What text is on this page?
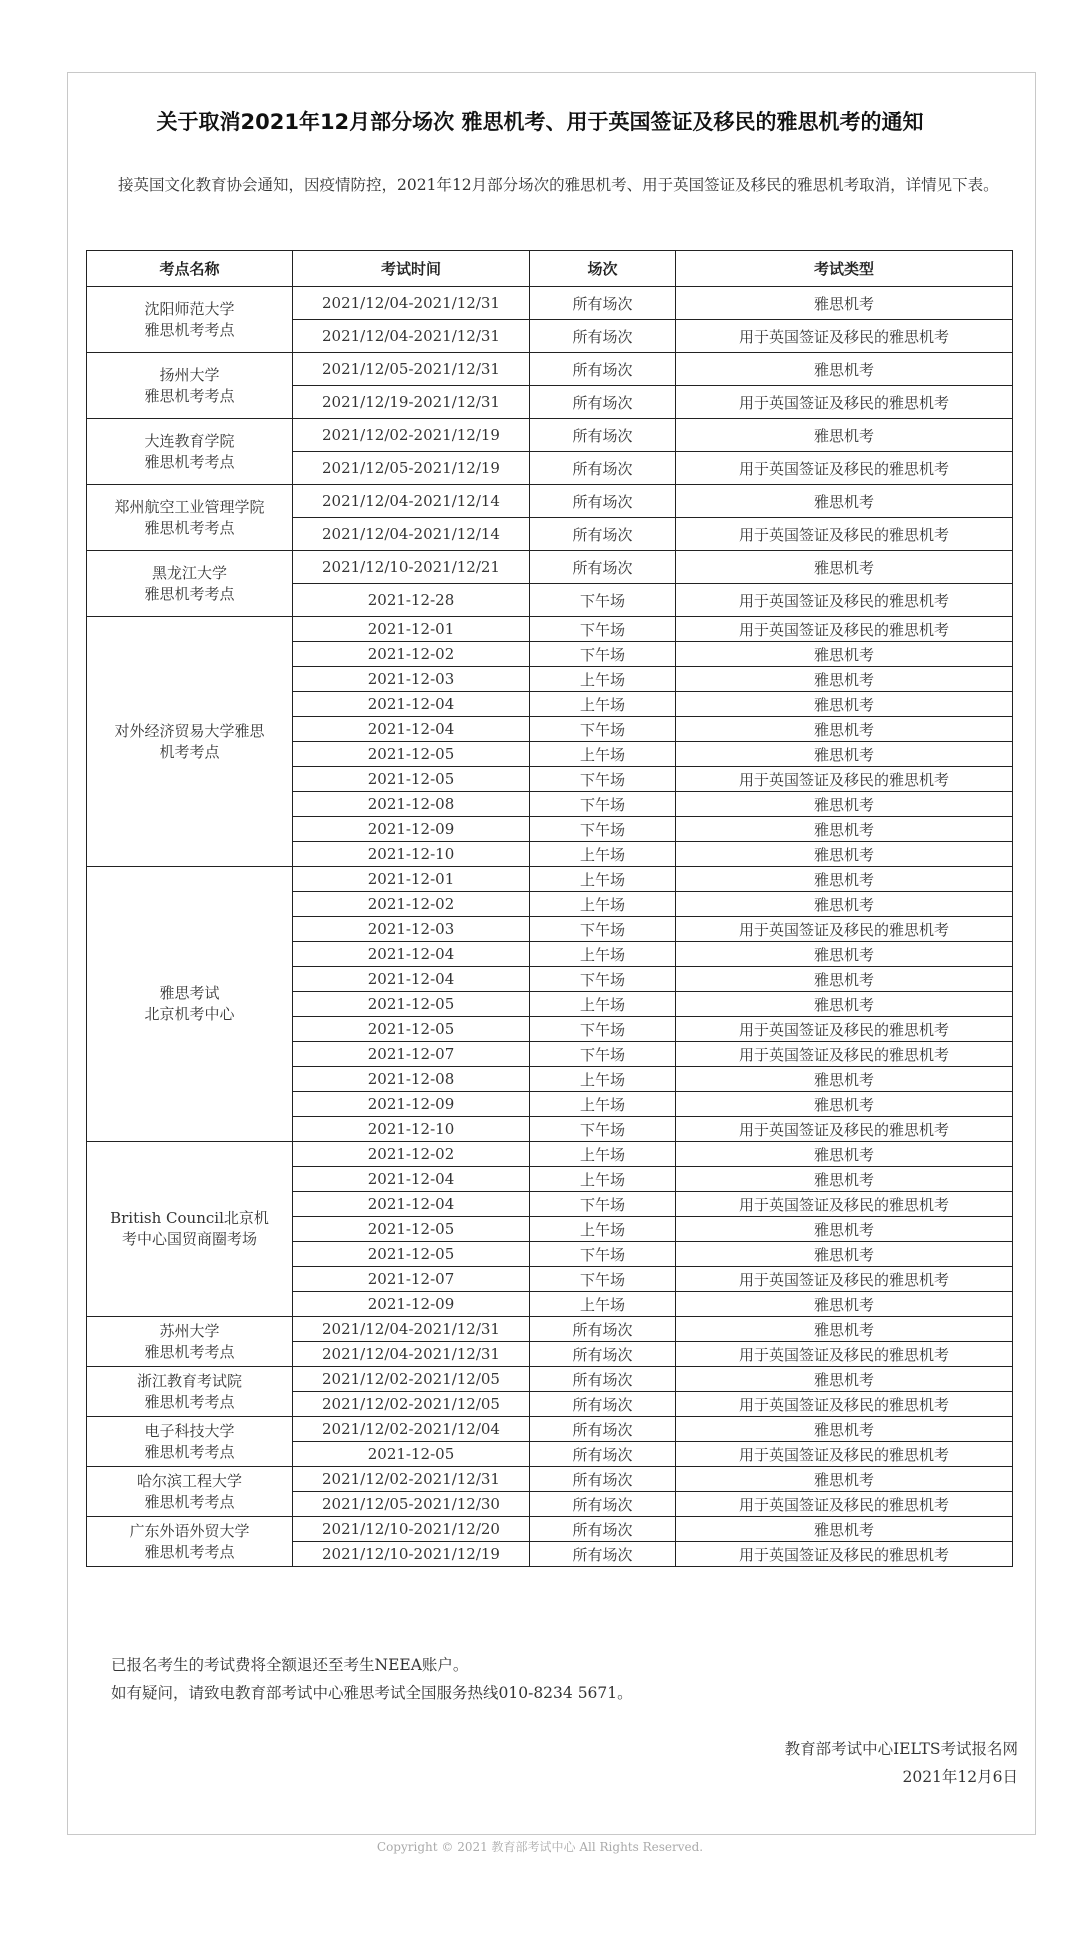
关于取消2021年12月部分场次 雅思机考、用于英国签证及移民的雅思机考的通知
接英国文化教育协会通知，因疫情防控，2021年12月部分场次的雅思机考、用于英国签证及移民的雅思机考取消，详情见下表。
考点名称	考试时间	场次	考试类型

沈阳师范大学
雅思机考考点	2021/12/04-2021/12/31	所有场次	雅思机考
	2021/12/04-2021/12/31	所有场次	用于英国签证及移民的雅思机考

扬州大学
雅思机考考点	2021/12/05-2021/12/31	所有场次	雅思机考
	2021/12/19-2021/12/31	所有场次	用于英国签证及移民的雅思机考

大连教育学院
雅思机考考点	2021/12/02-2021/12/19	所有场次	雅思机考
	2021/12/05-2021/12/19	所有场次	用于英国签证及移民的雅思机考

郑州航空工业管理学院
雅思机考考点	2021/12/04-2021/12/14	所有场次	雅思机考
	2021/12/04-2021/12/14	所有场次	用于英国签证及移民的雅思机考

黑龙江大学
雅思机考考点	2021/12/10-2021/12/21	所有场次	雅思机考
	2021-12-28	下午场	用于英国签证及移民的雅思机考

对外经济贸易大学雅思
机考考点	2021-12-01	下午场	用于英国签证及移民的雅思机考
	2021-12-02	下午场	雅思机考
	2021-12-03	上午场	雅思机考
	2021-12-04	上午场	雅思机考
	2021-12-04	下午场	雅思机考
	2021-12-05	上午场	雅思机考
	2021-12-05	下午场	用于英国签证及移民的雅思机考
	2021-12-08	下午场	雅思机考
	2021-12-09	下午场	雅思机考
	2021-12-10	上午场	雅思机考

雅思考试
北京机考中心	2021-12-01	上午场	雅思机考
	2021-12-02	上午场	雅思机考
	2021-12-03	下午场	用于英国签证及移民的雅思机考
	2021-12-04	上午场	雅思机考
	2021-12-04	下午场	雅思机考
	2021-12-05	上午场	雅思机考
	2021-12-05	下午场	用于英国签证及移民的雅思机考
	2021-12-07	下午场	用于英国签证及移民的雅思机考
	2021-12-08	上午场	雅思机考
	2021-12-09	上午场	雅思机考
	2021-12-10	下午场	用于英国签证及移民的雅思机考

British Council北京机
考中心国贸商圈考场	2021-12-02	上午场	雅思机考
	2021-12-04	上午场	雅思机考
	2021-12-04	下午场	用于英国签证及移民的雅思机考
	2021-12-05	上午场	雅思机考
	2021-12-05	下午场	雅思机考
	2021-12-07	下午场	用于英国签证及移民的雅思机考
	2021-12-09	上午场	雅思机考

苏州大学
雅思机考考点	2021/12/04-2021/12/31	所有场次	雅思机考
	2021/12/04-2021/12/31	所有场次	用于英国签证及移民的雅思机考

浙江教育考试院
雅思机考考点	2021/12/02-2021/12/05	所有场次	雅思机考
	2021/12/02-2021/12/05	所有场次	用于英国签证及移民的雅思机考

电子科技大学
雅思机考考点	2021/12/02-2021/12/04	所有场次	雅思机考
	2021-12-05	所有场次	用于英国签证及移民的雅思机考

哈尔滨工程大学
雅思机考考点	2021/12/02-2021/12/31	所有场次	雅思机考
	2021/12/05-2021/12/30	所有场次	用于英国签证及移民的雅思机考

广东外语外贸大学
雅思机考考点	2021/12/10-2021/12/20	所有场次	雅思机考
	2021/12/10-2021/12/19	所有场次	用于英国签证及移民的雅思机考
已报名考生的考试费将全额退还至考生NEEA账户。
如有疑问，请致电教育部考试中心雅思考试全国服务热线010-8234 5671。
教育部考试中心IELTS考试报名网
2021年12月6日
Copyright © 2021 教育部考试中心 All Rights Reserved.
